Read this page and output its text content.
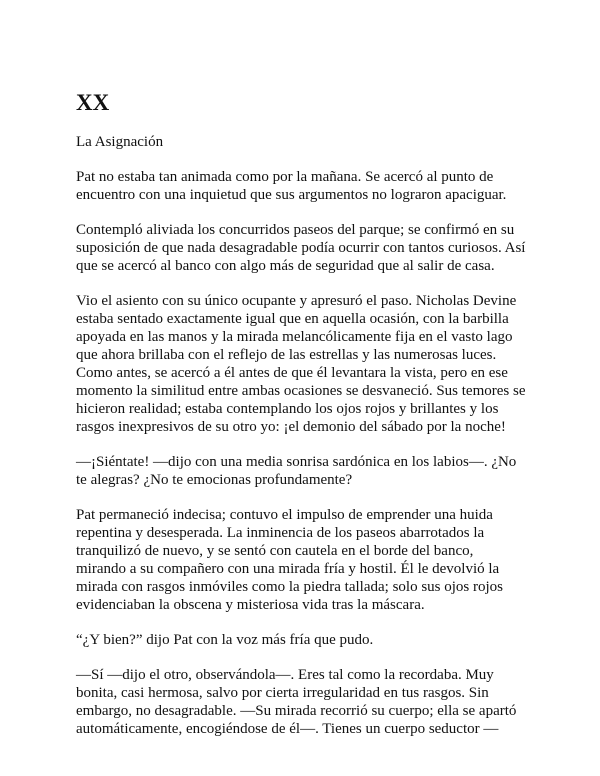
XX

La Asignación

Pat no estaba tan animada como por la mañana. Se acercó al punto de encuentro con una inquietud que sus argumentos no lograron apaciguar.

Contempló aliviada los concurridos paseos del parque; se confirmó en su suposición de que nada desagradable podía ocurrir con tantos curiosos. Así que se acercó al banco con algo más de seguridad que al salir de casa.

Vio el asiento con su único ocupante y apresuró el paso. Nicholas Devine estaba sentado exactamente igual que en aquella ocasión, con la barbilla apoyada en las manos y la mirada melancólicamente fija en el vasto lago que ahora brillaba con el reflejo de las estrellas y las numerosas luces. Como antes, se acercó a él antes de que él levantara la vista, pero en ese momento la similitud entre ambas ocasiones se desvaneció. Sus temores se hicieron realidad; estaba contemplando los ojos rojos y brillantes y los rasgos inexpresivos de su otro yo: ¡el demonio del sábado por la noche!

—¡Siéntate! —dijo con una media sonrisa sardónica en los labios—. ¿No te alegras? ¿No te emocionas profundamente?

Pat permaneció indecisa; contuvo el impulso de emprender una huida repentina y desesperada. La inminencia de los paseos abarrotados la tranquilizó de nuevo, y se sentó con cautela en el borde del banco, mirando a su compañero con una mirada fría y hostil. Él le devolvió la mirada con rasgos inmóviles como la piedra tallada; solo sus ojos rojos evidenciaban la obscena y misteriosa vida tras la máscara.

“¿Y bien?” dijo Pat con la voz más fría que pudo.

—Sí —dijo el otro, observándola—. Eres tal como la recordaba. Muy bonita, casi hermosa, salvo por cierta irregularidad en tus rasgos. Sin embargo, no desagradable. —Su mirada recorrió su cuerpo; ella se apartó automáticamente, encogiéndose de él—. Tienes un cuerpo seductor —
